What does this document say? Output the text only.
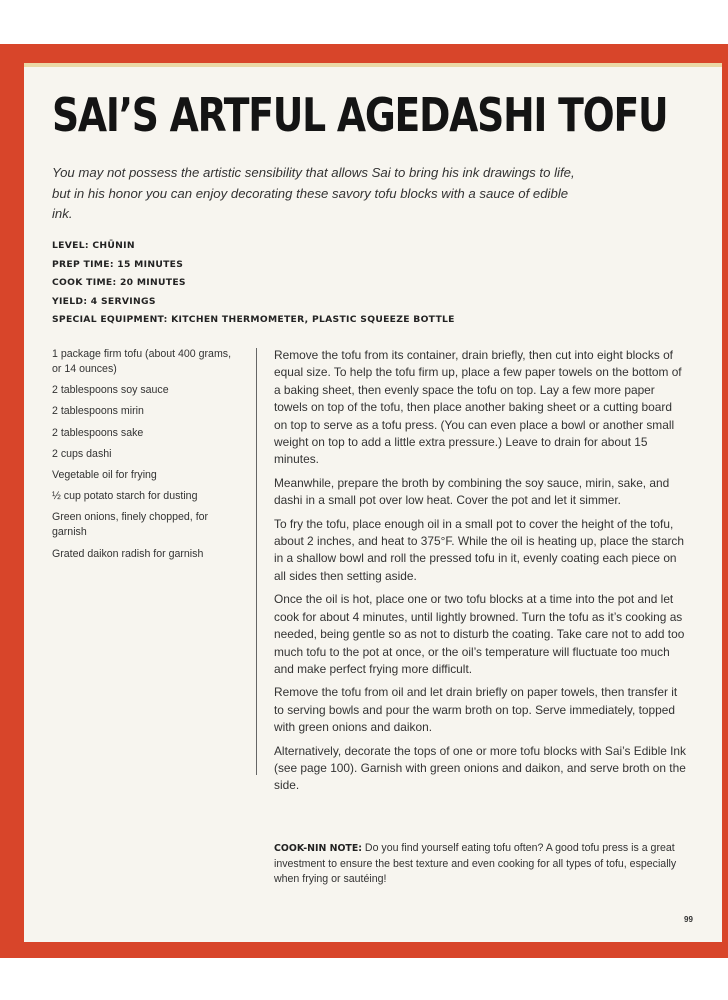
SAI’S ARTFUL AGEDASHI TOFU

You may not possess the artistic sensibility that allows Sai to bring his ink drawings to life, but in his honor you can enjoy decorating these savory tofu blocks with a sauce of edible ink.

LEVEL: CHŪNIN
PREP TIME: 15 MINUTES
COOK TIME: 20 MINUTES
YIELD: 4 SERVINGS
SPECIAL EQUIPMENT: KITCHEN THERMOMETER, PLASTIC SQUEEZE BOTTLE
1 package firm tofu (about 400 grams, or 14 ounces)
2 tablespoons soy sauce
2 tablespoons mirin
2 tablespoons sake
2 cups dashi
Vegetable oil for frying
½ cup potato starch for dusting
Green onions, finely chopped, for garnish
Grated daikon radish for garnish

Remove the tofu from its container, drain briefly, then cut into eight blocks of equal size. To help the tofu firm up, place a few paper towels on the bottom of a baking sheet, then evenly space the tofu on top. Lay a few more paper towels on top of the tofu, then place another baking sheet or a cutting board on top to serve as a tofu press. (You can even place a bowl or another small weight on top to add a little extra pressure.) Leave to drain for about 15 minutes.

Meanwhile, prepare the broth by combining the soy sauce, mirin, sake, and dashi in a small pot over low heat. Cover the pot and let it simmer.

To fry the tofu, place enough oil in a small pot to cover the height of the tofu, about 2 inches, and heat to 375°F. While the oil is heating up, place the starch in a shallow bowl and roll the pressed tofu in it, evenly coating each piece on all sides then setting aside.

Once the oil is hot, place one or two tofu blocks at a time into the pot and let cook for about 4 minutes, until lightly browned. Turn the tofu as it’s cooking as needed, being gentle so as not to disturb the coating. Take care not to add too much tofu to the pot at once, or the oil’s temperature will fluctuate too much and make perfect frying more difficult.

Remove the tofu from oil and let drain briefly on paper towels, then transfer it to serving bowls and pour the warm broth on top. Serve immediately, topped with green onions and daikon.

Alternatively, decorate the tops of one or more tofu blocks with Sai’s Edible Ink (see page 100). Garnish with green onions and daikon, and serve broth on the side.

COOK-NIN NOTE: Do you find yourself eating tofu often? A good tofu press is a great investment to ensure the best texture and even cooking for all types of tofu, especially when frying or sautéing!

99
